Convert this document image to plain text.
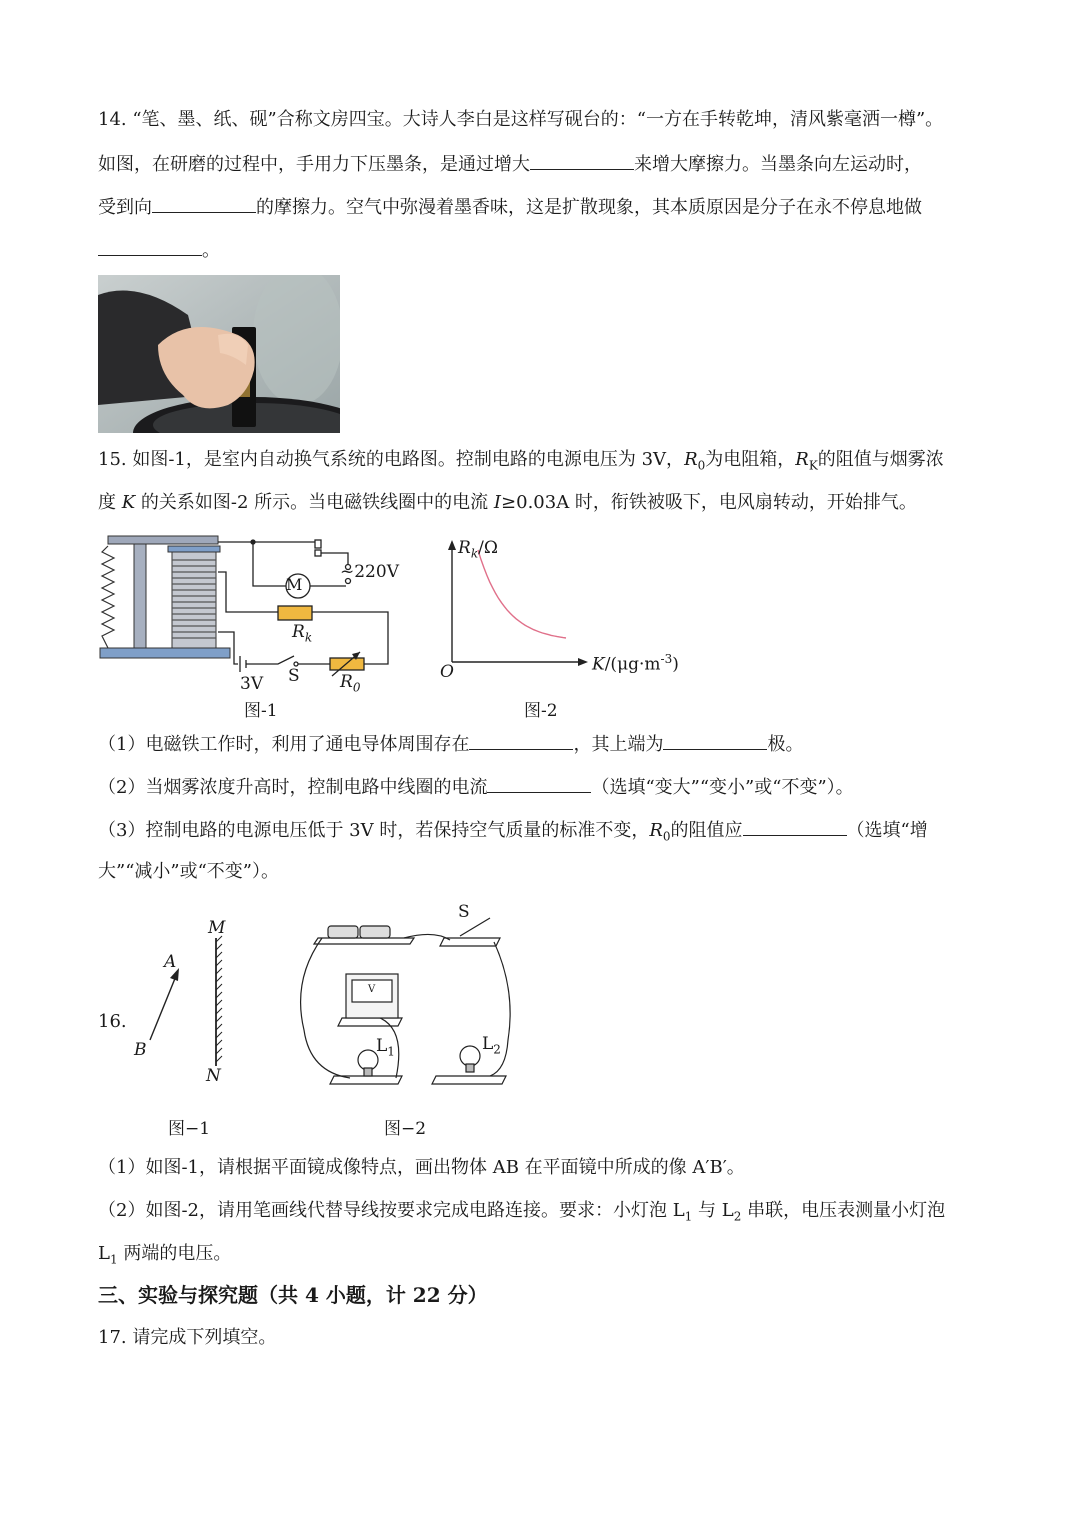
14. “笔、墨、纸、砚”合称文房四宝。大诗人李白是这样写砚台的：“一方在手转乾坤，清风紫毫洒一樽”。
如图，在研磨的过程中，手用力下压墨条，是通过增大	来增大摩擦力。当墨条向左运动时，
受到向	的摩擦力。空气中弥漫着墨香味，这是扩散现象，其本质原因是分子在永不停息地做
。
15. 如图-1，是室内自动换气系统的电路图。控制电路的电源电压为 3V，$R_0$为电阻箱，$R_K$的阻值与烟雾浓
度 K 的关系如图-2 所示。当电磁铁线圈中的电流 I≥0.03A 时，衔铁被吸下，电风扇转动，开始排气。
M
~220V
$R_k$
3V S $R_0$
图-1
$R_k/\Omega$
$K/(\mu g\cdot m^{-3})$
O
图-2
（1）电磁铁工作时，利用了通电导体周围存在	，其上端为	极。
（2）当烟雾浓度升高时，控制电路中线圈的电流	（选填“变大”“变小”或“不变”）。
（3）控制电路的电源电压低于 3V 时，若保持空气质量的标准不变，$R_0$的阻值应	（选填“增
大”“减小”或“不变”）。
16.
M
N
A
B
图−1
S
V
$L_1$	$L_2$
图−2
（1）如图-1，请根据平面镜成像特点，画出物体 AB 在平面镜中所成的像 A′B′。
（2）如图-2，请用笔画线代替导线按要求完成电路连接。要求：小灯泡 $L_1$ 与 $L_2$ 串联，电压表测量小灯泡
$L_1$ 两端的电压。
三、实验与探究题（共 4 小题，计 22 分）
17. 请完成下列填空。
